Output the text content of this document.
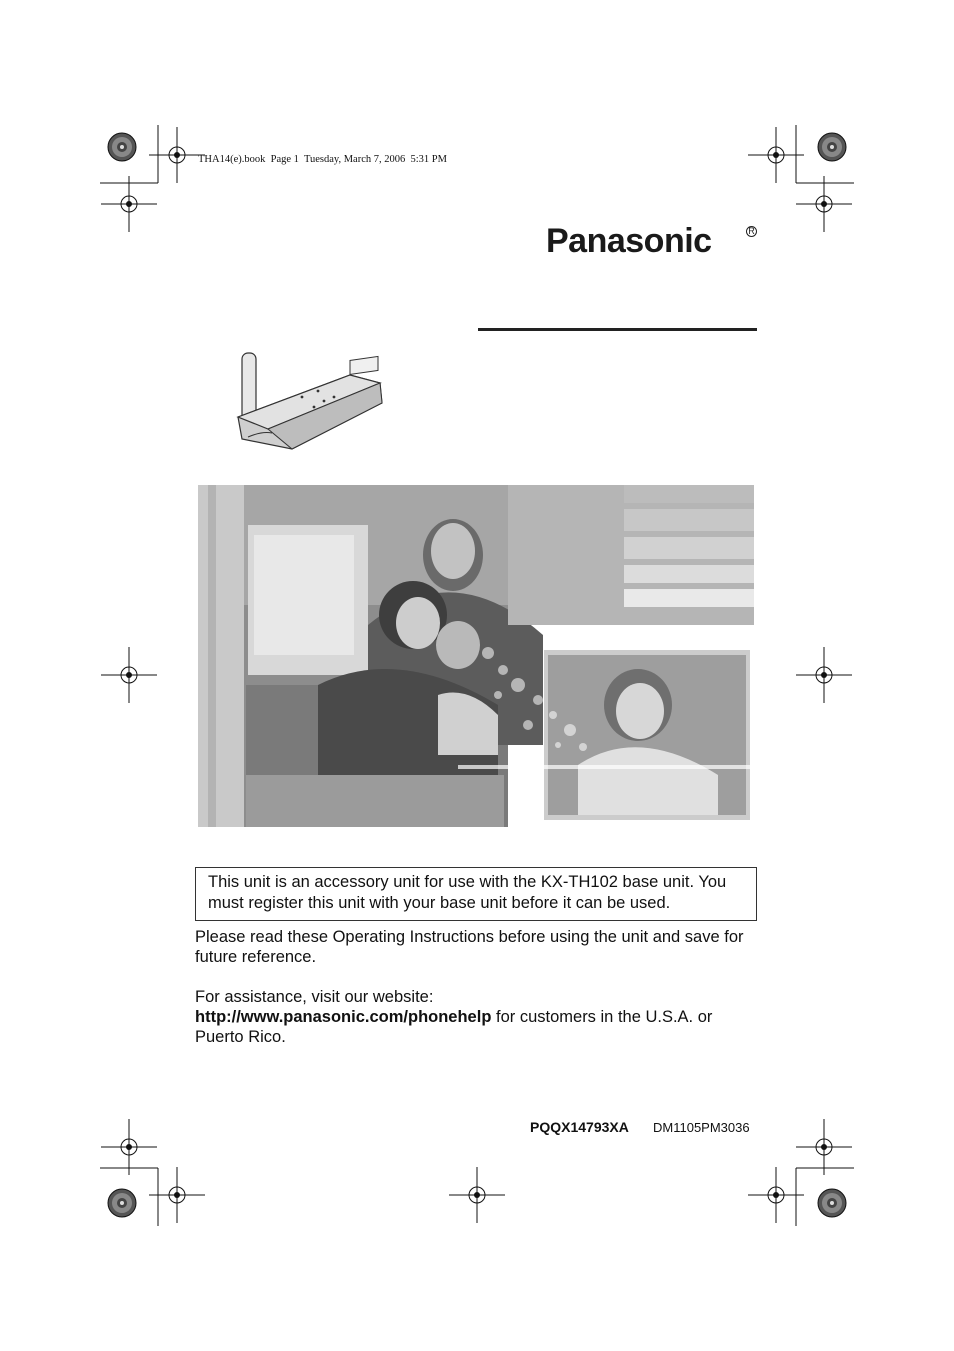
THA14(e).book  Page 1  Tuesday, March 7, 2006  5:31 PM
Panasonic	R
This unit is an accessory unit for use with the KX-TH102 base unit. You must register this unit with your base unit before it can be used.
Please read these Operating Instructions before using the unit and save for future reference.
For assistance, visit our website:
http://www.panasonic.com/phonehelp for customers in the U.S.A. or Puerto Rico.
PQQX14793XA DM1105PM3036
